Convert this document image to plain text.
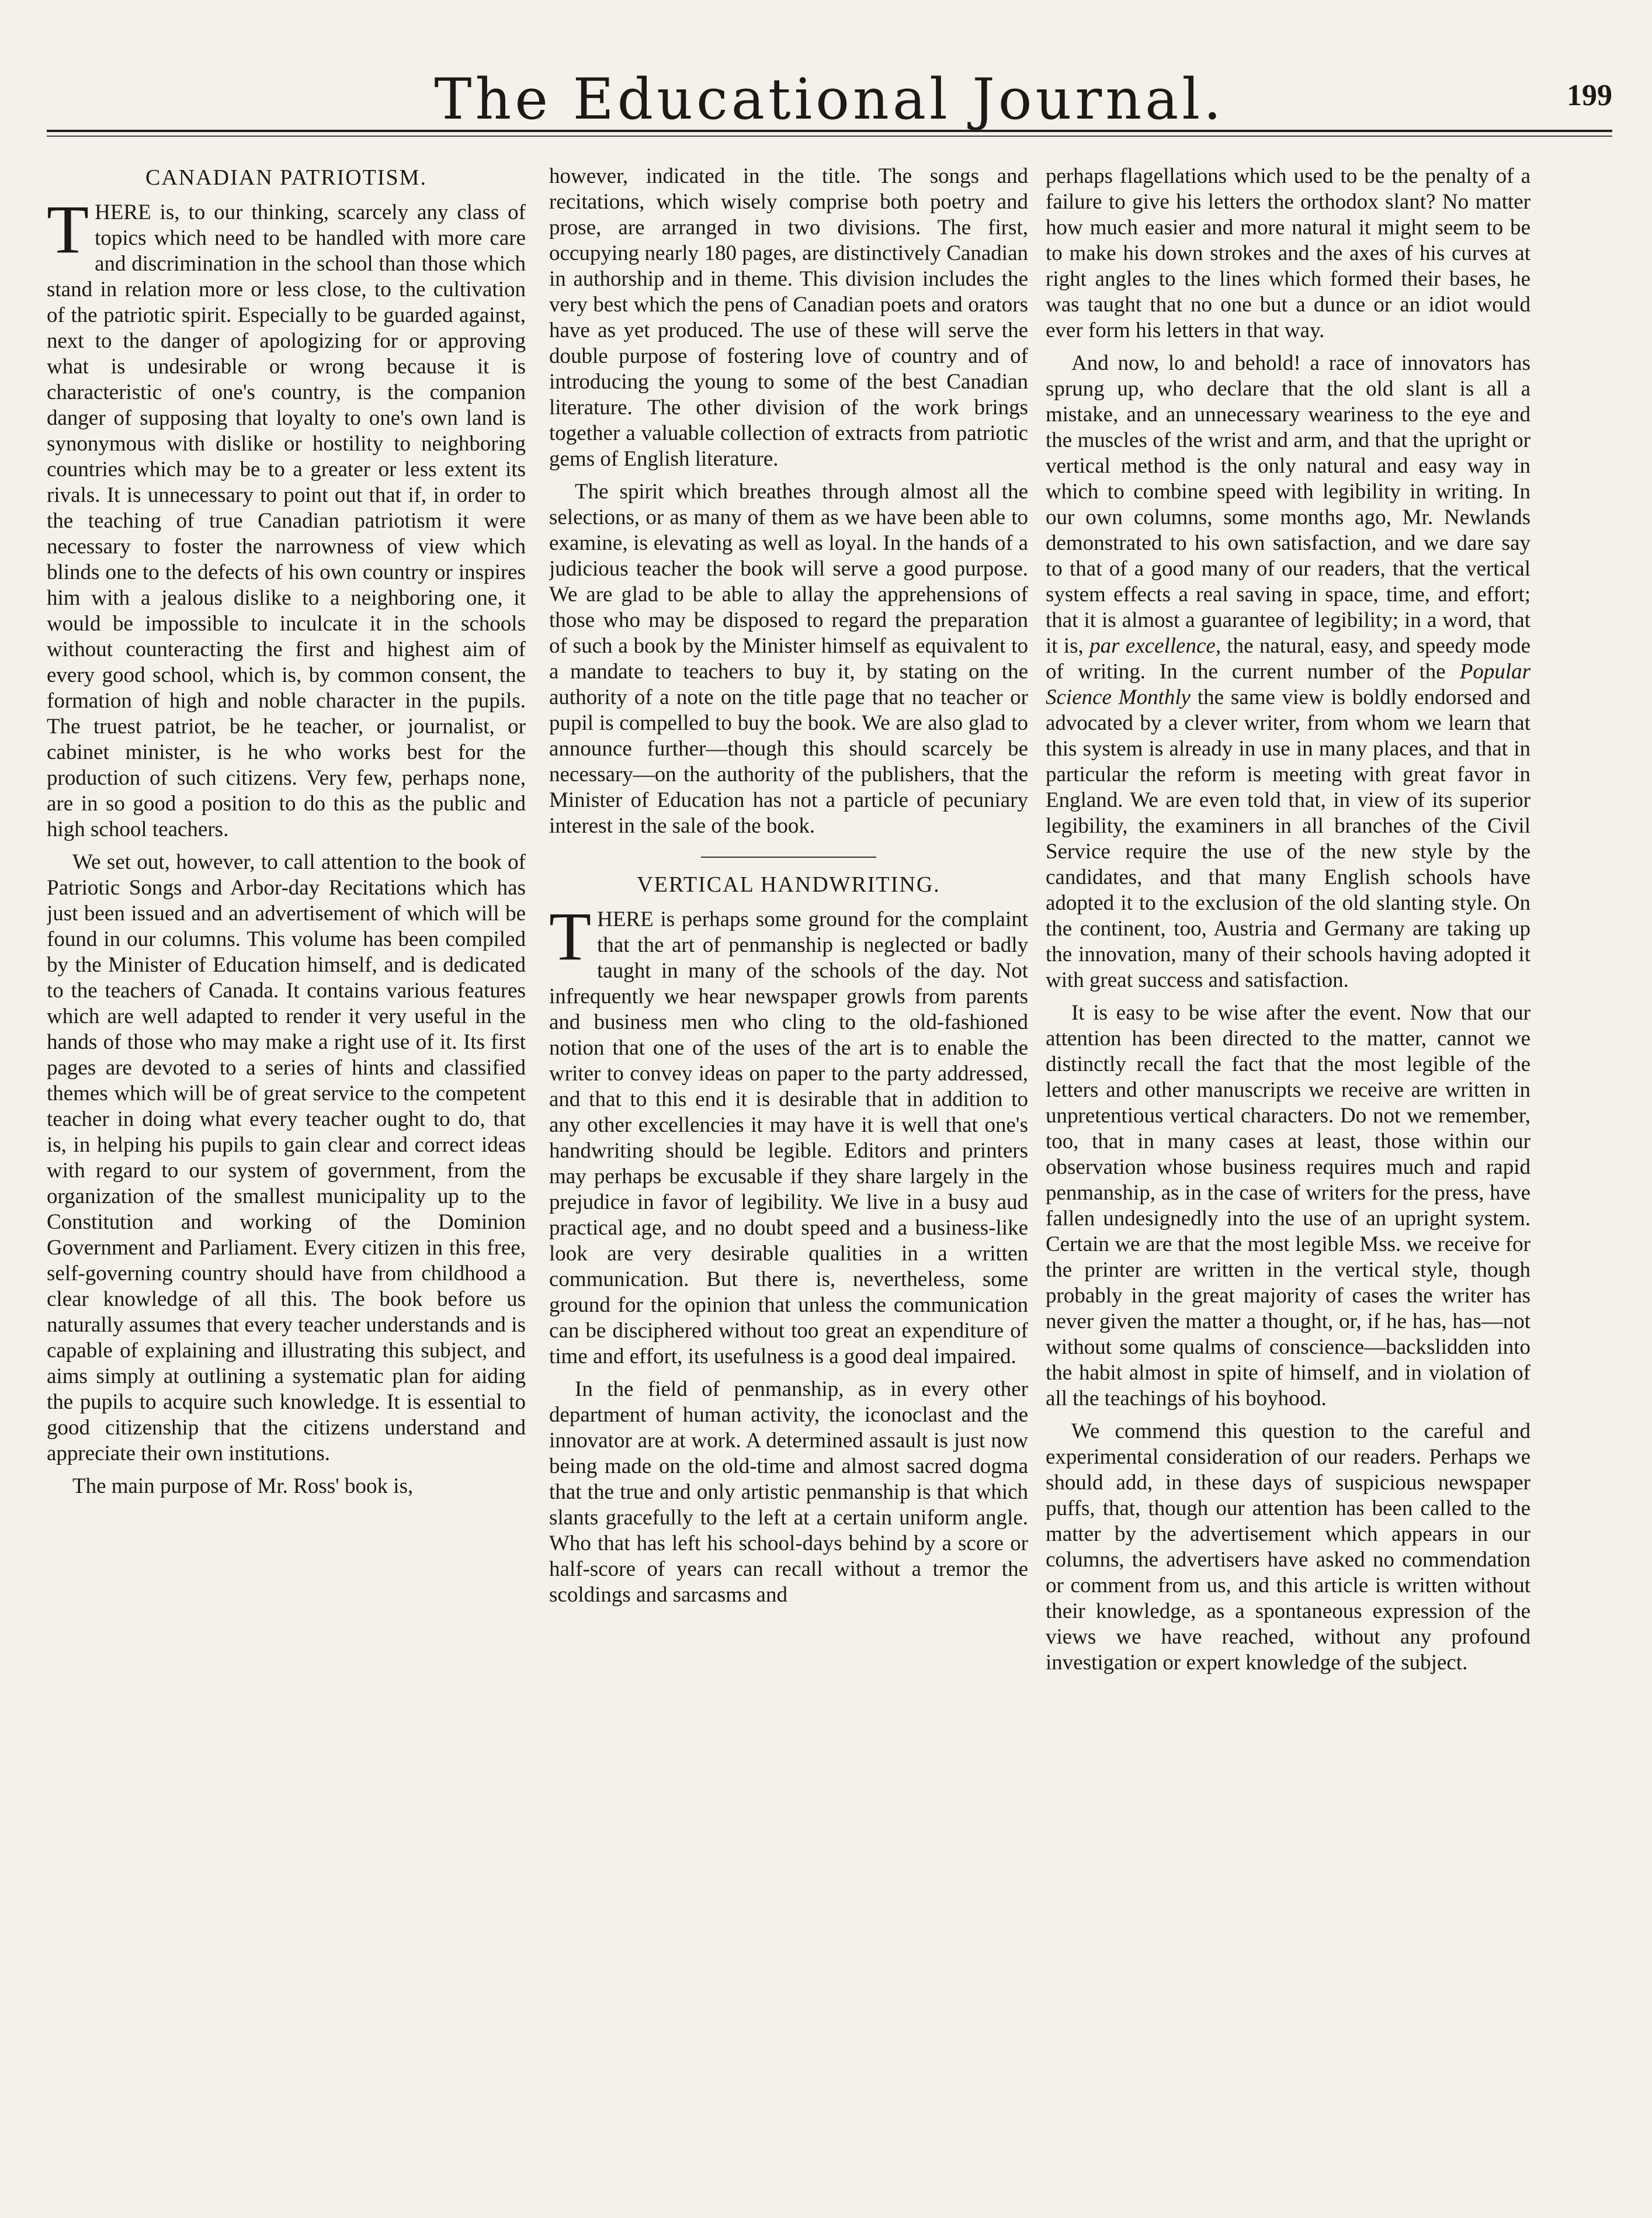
The Educational Journal.	199
CANADIAN PATRIOTISM.

THERE is, to our thinking, scarcely any class of topics which need to be handled with more care and discrimination in the school than those which stand in relation more or less close, to the cultivation of the patriotic spirit. Especially to be guarded against, next to the danger of apologizing for or approving what is undesirable or wrong because it is characteristic of one's country, is the companion danger of supposing that loyalty to one's own land is synonymous with dislike or hostility to neighboring countries which may be to a greater or less extent its rivals. It is unnecessary to point out that if, in order to the teaching of true Canadian patriotism it were necessary to foster the narrowness of view which blinds one to the defects of his own country or inspires him with a jealous dislike to a neighboring one, it would be impossible to inculcate it in the schools without counteracting the first and highest aim of every good school, which is, by common consent, the formation of high and noble character in the pupils. The truest patriot, be he teacher, or journalist, or cabinet minister, is he who works best for the production of such citizens. Very few, perhaps none, are in so good a position to do this as the public and high school teachers.

We set out, however, to call attention to the book of Patriotic Songs and Arbor-day Recitations which has just been issued and an advertisement of which will be found in our columns. This volume has been compiled by the Minister of Education himself, and is dedicated to the teachers of Canada. It contains various features which are well adapted to render it very useful in the hands of those who may make a right use of it. Its first pages are devoted to a series of hints and classified themes which will be of great service to the competent teacher in doing what every teacher ought to do, that is, in helping his pupils to gain clear and correct ideas with regard to our system of government, from the organization of the smallest municipality up to the Constitution and working of the Dominion Government and Parliament. Every citizen in this free, self-governing country should have from childhood a clear knowledge of all this. The book before us naturally assumes that every teacher understands and is capable of explaining and illustrating this subject, and aims simply at outlining a systematic plan for aiding the pupils to acquire such knowledge. It is essential to good citizenship that the citizens understand and appreciate their own institutions.

The main purpose of Mr. Ross' book is,

however, indicated in the title. The songs and recitations, which wisely comprise both poetry and prose, are arranged in two divisions. The first, occupying nearly 180 pages, are distinctively Canadian in authorship and in theme. This division includes the very best which the pens of Canadian poets and orators have as yet produced. The use of these will serve the double purpose of fostering love of country and of introducing the young to some of the best Canadian literature. The other division of the work brings together a valuable collection of extracts from patriotic gems of English literature.

The spirit which breathes through almost all the selections, or as many of them as we have been able to examine, is elevating as well as loyal. In the hands of a judicious teacher the book will serve a good purpose. We are glad to be able to allay the apprehensions of those who may be disposed to regard the preparation of such a book by the Minister himself as equivalent to a mandate to teachers to buy it, by stating on the authority of a note on the title page that no teacher or pupil is compelled to buy the book. We are also glad to announce further—though this should scarcely be necessary—on the authority of the publishers, that the Minister of Education has not a particle of pecuniary interest in the sale of the book.

VERTICAL HANDWRITING.

THERE is perhaps some ground for the complaint that the art of penmanship is neglected or badly taught in many of the schools of the day. Not infrequently we hear newspaper growls from parents and business men who cling to the old-fashioned notion that one of the uses of the art is to enable the writer to convey ideas on paper to the party addressed, and that to this end it is desirable that in addition to any other excellencies it may have it is well that one's handwriting should be legible. Editors and printers may perhaps be excusable if they share largely in the prejudice in favor of legibility. We live in a busy aud practical age, and no doubt speed and a business-like look are very desirable qualities in a written communication. But there is, nevertheless, some ground for the opinion that unless the communication can be disciphered without too great an expenditure of time and effort, its usefulness is a good deal impaired.

In the field of penmanship, as in every other department of human activity, the iconoclast and the innovator are at work. A determined assault is just now being made on the old-time and almost sacred dogma that the true and only artistic penmanship is that which slants gracefully to the left at a certain uniform angle. Who that has left his school-days behind by a score or half-score of years can recall without a tremor the scoldings and sarcasms and

perhaps flagellations which used to be the penalty of a failure to give his letters the orthodox slant? No matter how much easier and more natural it might seem to be to make his down strokes and the axes of his curves at right angles to the lines which formed their bases, he was taught that no one but a dunce or an idiot would ever form his letters in that way.

And now, lo and behold! a race of innovators has sprung up, who declare that the old slant is all a mistake, and an unnecessary weariness to the eye and the muscles of the wrist and arm, and that the upright or vertical method is the only natural and easy way in which to combine speed with legibility in writing. In our own columns, some months ago, Mr. Newlands demonstrated to his own satisfaction, and we dare say to that of a good many of our readers, that the vertical system effects a real saving in space, time, and effort; that it is almost a guarantee of legibility; in a word, that it is, par excellence, the natural, easy, and speedy mode of writing. In the current number of the Popular Science Monthly the same view is boldly endorsed and advocated by a clever writer, from whom we learn that this system is already in use in many places, and that in particular the reform is meeting with great favor in England. We are even told that, in view of its superior legibility, the examiners in all branches of the Civil Service require the use of the new style by the candidates, and that many English schools have adopted it to the exclusion of the old slanting style. On the continent, too, Austria and Germany are taking up the innovation, many of their schools having adopted it with great success and satisfaction.

It is easy to be wise after the event. Now that our attention has been directed to the matter, cannot we distinctly recall the fact that the most legible of the letters and other manuscripts we receive are written in unpretentious vertical characters. Do not we remember, too, that in many cases at least, those within our observation whose business requires much and rapid penmanship, as in the case of writers for the press, have fallen undesignedly into the use of an upright system. Certain we are that the most legible Mss. we receive for the printer are written in the vertical style, though probably in the great majority of cases the writer has never given the matter a thought, or, if he has, has—not without some qualms of conscience—backslidden into the habit almost in spite of himself, and in violation of all the teachings of his boyhood.

We commend this question to the careful and experimental consideration of our readers. Perhaps we should add, in these days of suspicious newspaper puffs, that, though our attention has been called to the matter by the advertisement which appears in our columns, the advertisers have asked no commendation or comment from us, and this article is written without their knowledge, as a spontaneous expression of the views we have reached, without any profound investigation or expert knowledge of the subject.
